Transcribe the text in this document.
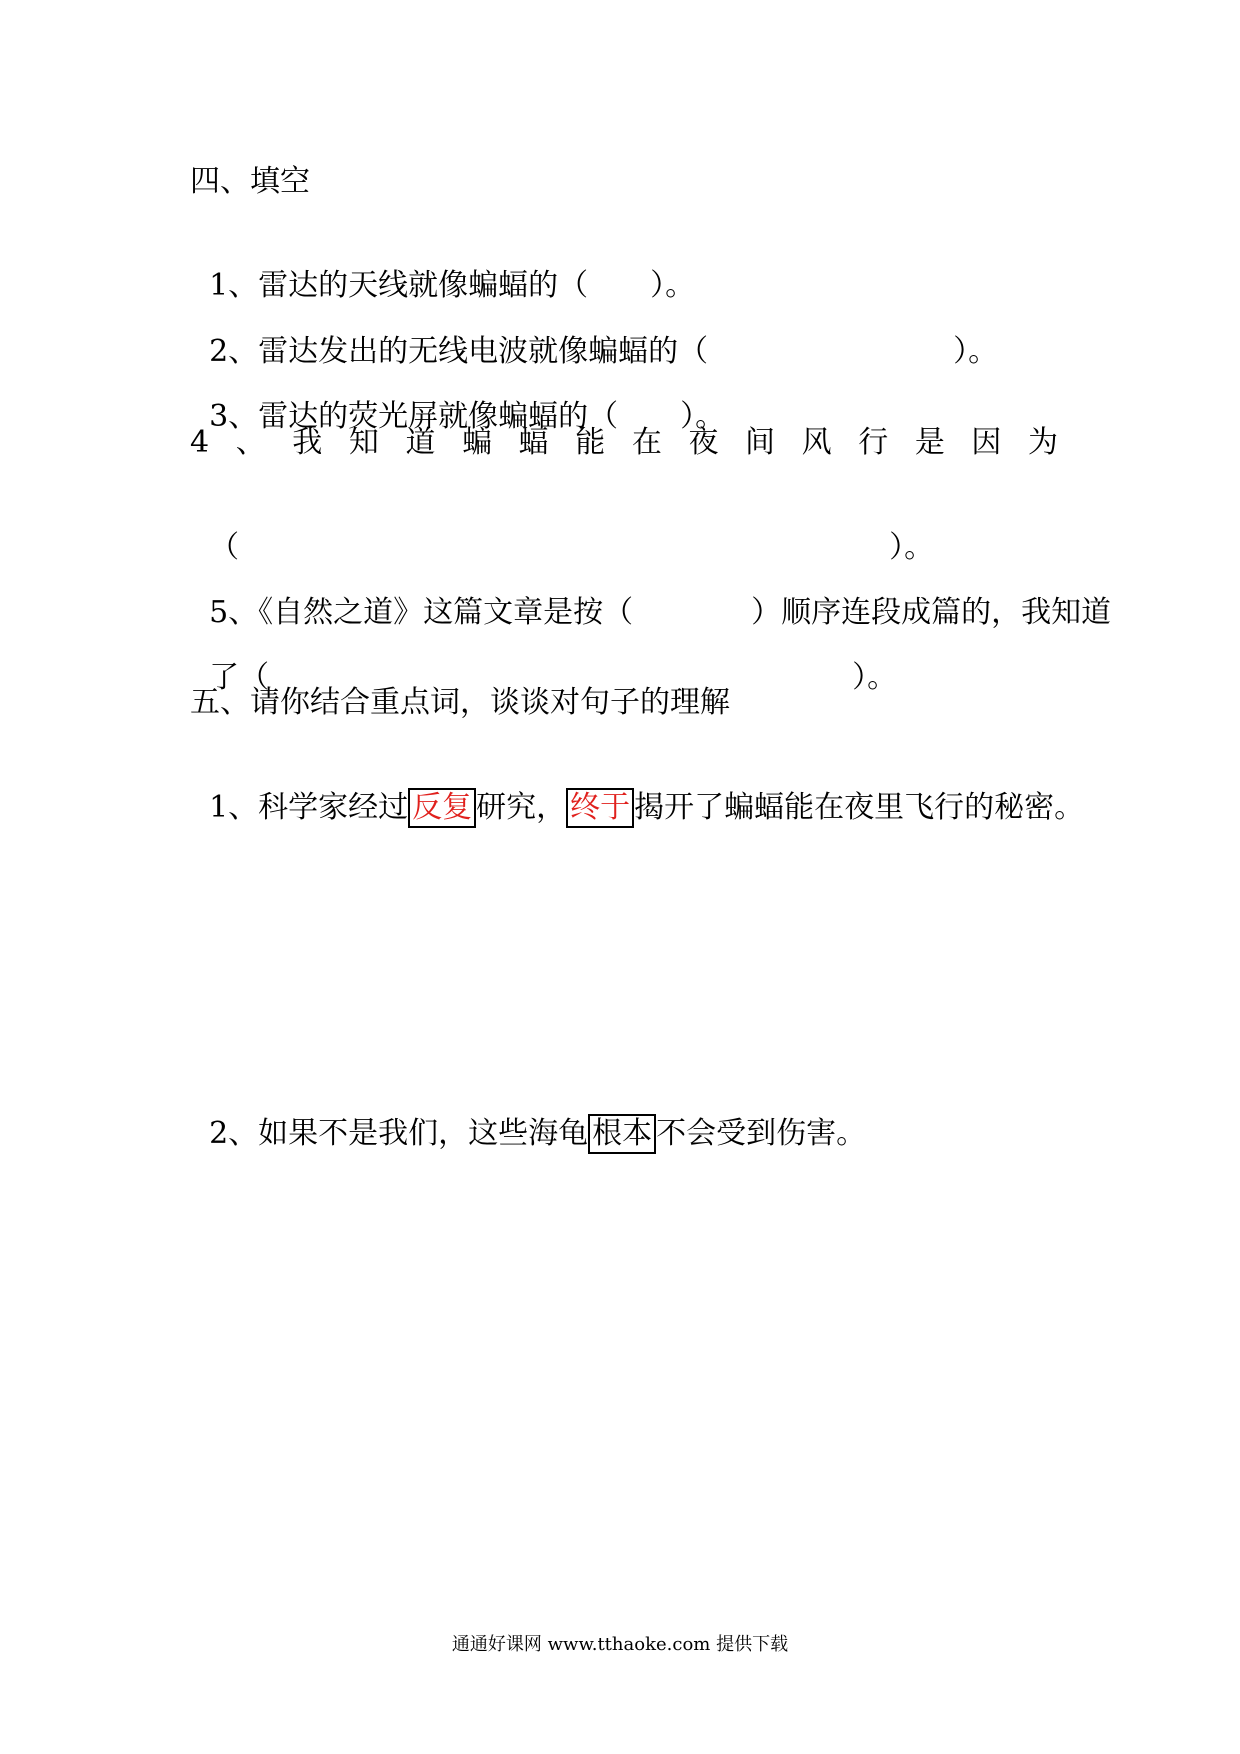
四、填空

1、雷达的天线就像蝙蝠的（ ）。

2、雷达发出的无线电波就像蝙蝠的（	）。

3、雷达的荧光屏就像蝙蝠的（ ）。

4 、 我 知 道 蝙 蝠 能 在 夜 间 风 行 是 因 为

（	）。

5、《自然之道》这篇文章是按（	）顺序连段成篇的，我知道

了（	）。

五、请你结合重点词，谈谈对句子的理解

1、科学家经过 反复 研究， 终于 揭开了蝙蝠能在夜里飞行的秘密。

2、如果不是我们，这些海龟 根本 不会受到伤害。

通通好课网 www.tthaoke.com 提供下载
